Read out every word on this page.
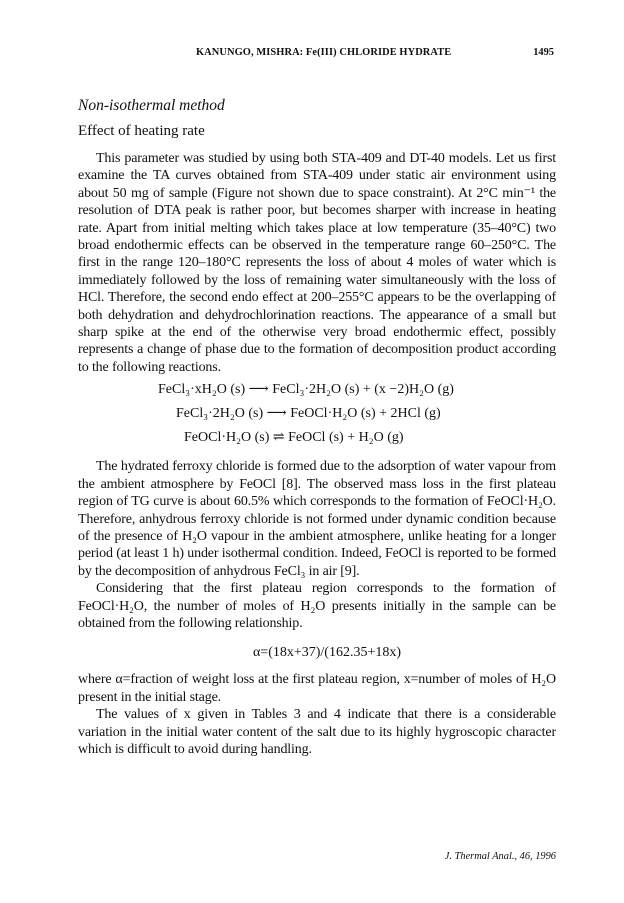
KANUNGO, MISHRA: Fe(III) CHLORIDE HYDRATE	1495
Non-isothermal method
Effect of heating rate

This parameter was studied by using both STA-409 and DT-40 models. Let us first examine the TA curves obtained from STA-409 under static air environment using about 50 mg of sample (Figure not shown due to space constraint). At 2°C min⁻¹ the resolution of DTA peak is rather poor, but becomes sharper with increase in heating rate. Apart from initial melting which takes place at low temperature (35–40°C) two broad endothermic effects can be observed in the temperature range 60–250°C. The first in the range 120–180°C represents the loss of about 4 moles of water which is immediately followed by the loss of remaining water simultaneously with the loss of HCl. Therefore, the second endo effect at 200–255°C appears to be the overlapping of both dehydration and dehydrochlorination reactions. The appearance of a small but sharp spike at the end of the otherwise very broad endothermic effect, possibly represents a change of phase due to the formation of decomposition product according to the following reactions.

FeCl₃·xH₂O (s) ⟶ FeCl₃·2H₂O (s) + (x −2)H₂O (g)
FeCl₃·2H₂O (s) ⟶ FeOCl·H₂O (s) + 2HCl (g)
FeOCl·H₂O (s) ⇌ FeOCl (s) + H₂O (g)

The hydrated ferroxy chloride is formed due to the adsorption of water vapour from the ambient atmosphere by FeOCl [8]. The observed mass loss in the first plateau region of TG curve is about 60.5% which corresponds to the formation of FeOCl·H₂O. Therefore, anhydrous ferroxy chloride is not formed under dynamic condition because of the presence of H₂O vapour in the ambient atmosphere, unlike heating for a longer period (at least 1 h) under isothermal condition. Indeed, FeOCl is reported to be formed by the decomposition of anhydrous FeCl₃ in air [9].

Considering that the first plateau region corresponds to the formation of FeOCl·H₂O, the number of moles of H₂O presents initially in the sample can be obtained from the following relationship.

α=(18x+37)/(162.35+18x)

where α=fraction of weight loss at the first plateau region, x=number of moles of H₂O present in the initial stage.

The values of x given in Tables 3 and 4 indicate that there is a considerable variation in the initial water content of the salt due to its highly hygroscopic character which is difficult to avoid during handling.

J. Thermal Anal., 46, 1996
